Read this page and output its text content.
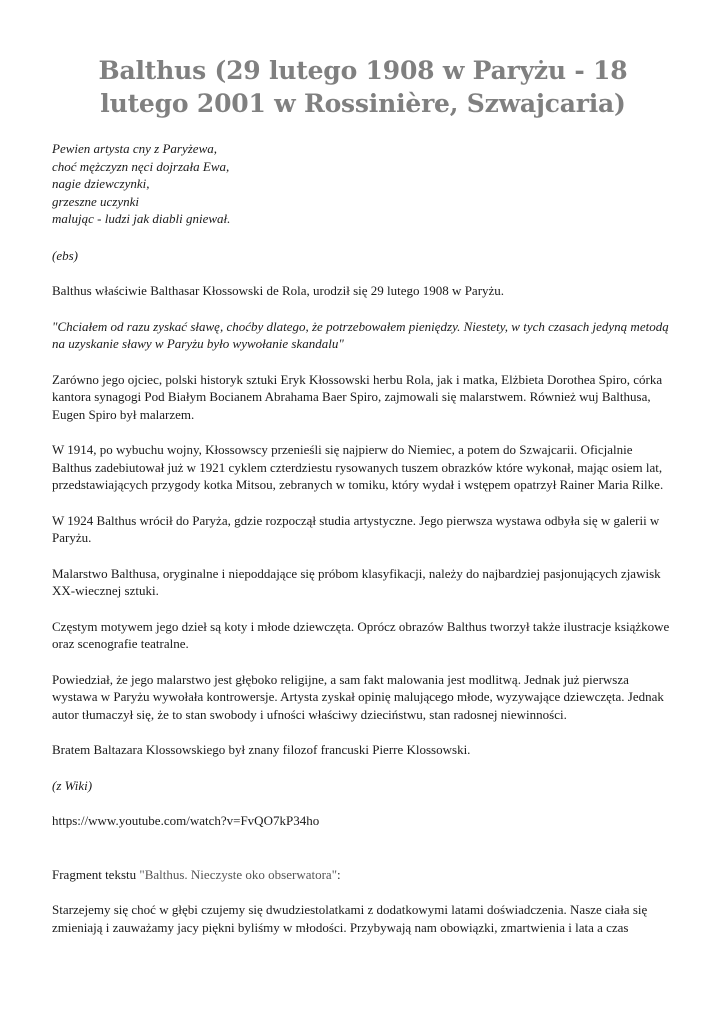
Balthus (29 lutego 1908 w Paryżu - 18 lutego 2001 w Rossinière, Szwajcaria)
Pewien artysta cny z Paryżewa,
choć mężczyzn nęci dojrzała Ewa,
nagie dziewczynki,
grzeszne uczynki
malując - ludzi jak diabli gniewał.

(ebs)

Balthus właściwie Balthasar Kłossowski de Rola, urodził się 29 lutego 1908 w Paryżu.

"Chciałem od razu zyskać sławę, choćby dlatego, że potrzebowałem pieniędzy. Niestety, w tych czasach jedyną metodą na uzyskanie sławy w Paryżu było wywołanie skandalu"

Zarówno jego ojciec, polski historyk sztuki Eryk Kłossowski herbu Rola, jak i matka, Elżbieta Dorothea Spiro, córka kantora synagogi Pod Białym Bocianem Abrahama Baer Spiro, zajmowali się malarstwem. Również wuj Balthusa, Eugen Spiro był malarzem.

W 1914, po wybuchu wojny, Kłossowscy przenieśli się najpierw do Niemiec, a potem do Szwajcarii. Oficjalnie Balthus zadebiutował już w 1921 cyklem czterdziestu rysowanych tuszem obrazków które wykonał, mając osiem lat, przedstawiających przygody kotka Mitsou, zebranych w tomiku, który wydał i wstępem opatrzył Rainer Maria Rilke.

W 1924 Balthus wrócił do Paryża, gdzie rozpoczął studia artystyczne. Jego pierwsza wystawa odbyła się w galerii w Paryżu.

Malarstwo Balthusa, oryginalne i niepoddające się próbom klasyfikacji, należy do najbardziej pasjonujących zjawisk XX-wiecznej sztuki.

Częstym motywem jego dzieł są koty i młode dziewczęta. Oprócz obrazów Balthus tworzył także ilustracje książkowe oraz scenografie teatralne.

Powiedział, że jego malarstwo jest głęboko religijne, a sam fakt malowania jest modlitwą. Jednak już pierwsza wystawa w Paryżu wywołała kontrowersje. Artysta zyskał opinię malującego młode, wyzywające dziewczęta. Jednak autor tłumaczył się, że to stan swobody i ufności właściwy dzieciństwu, stan radosnej niewinności.

Bratem Baltazara Klossowskiego był znany filozof francuski Pierre Klossowski.

(z Wiki)

https://www.youtube.com/watch?v=FvQO7kP34ho

Fragment tekstu "Balthus. Nieczyste oko obserwatora":

Starzejemy się choć w głębi czujemy się dwudziestolatkami z dodatkowymi latami doświadczenia. Nasze ciała się zmieniają i zauważamy jacy piękni byliśmy w młodości. Przybywają nam obowiązki, zmartwienia i lata a czas
